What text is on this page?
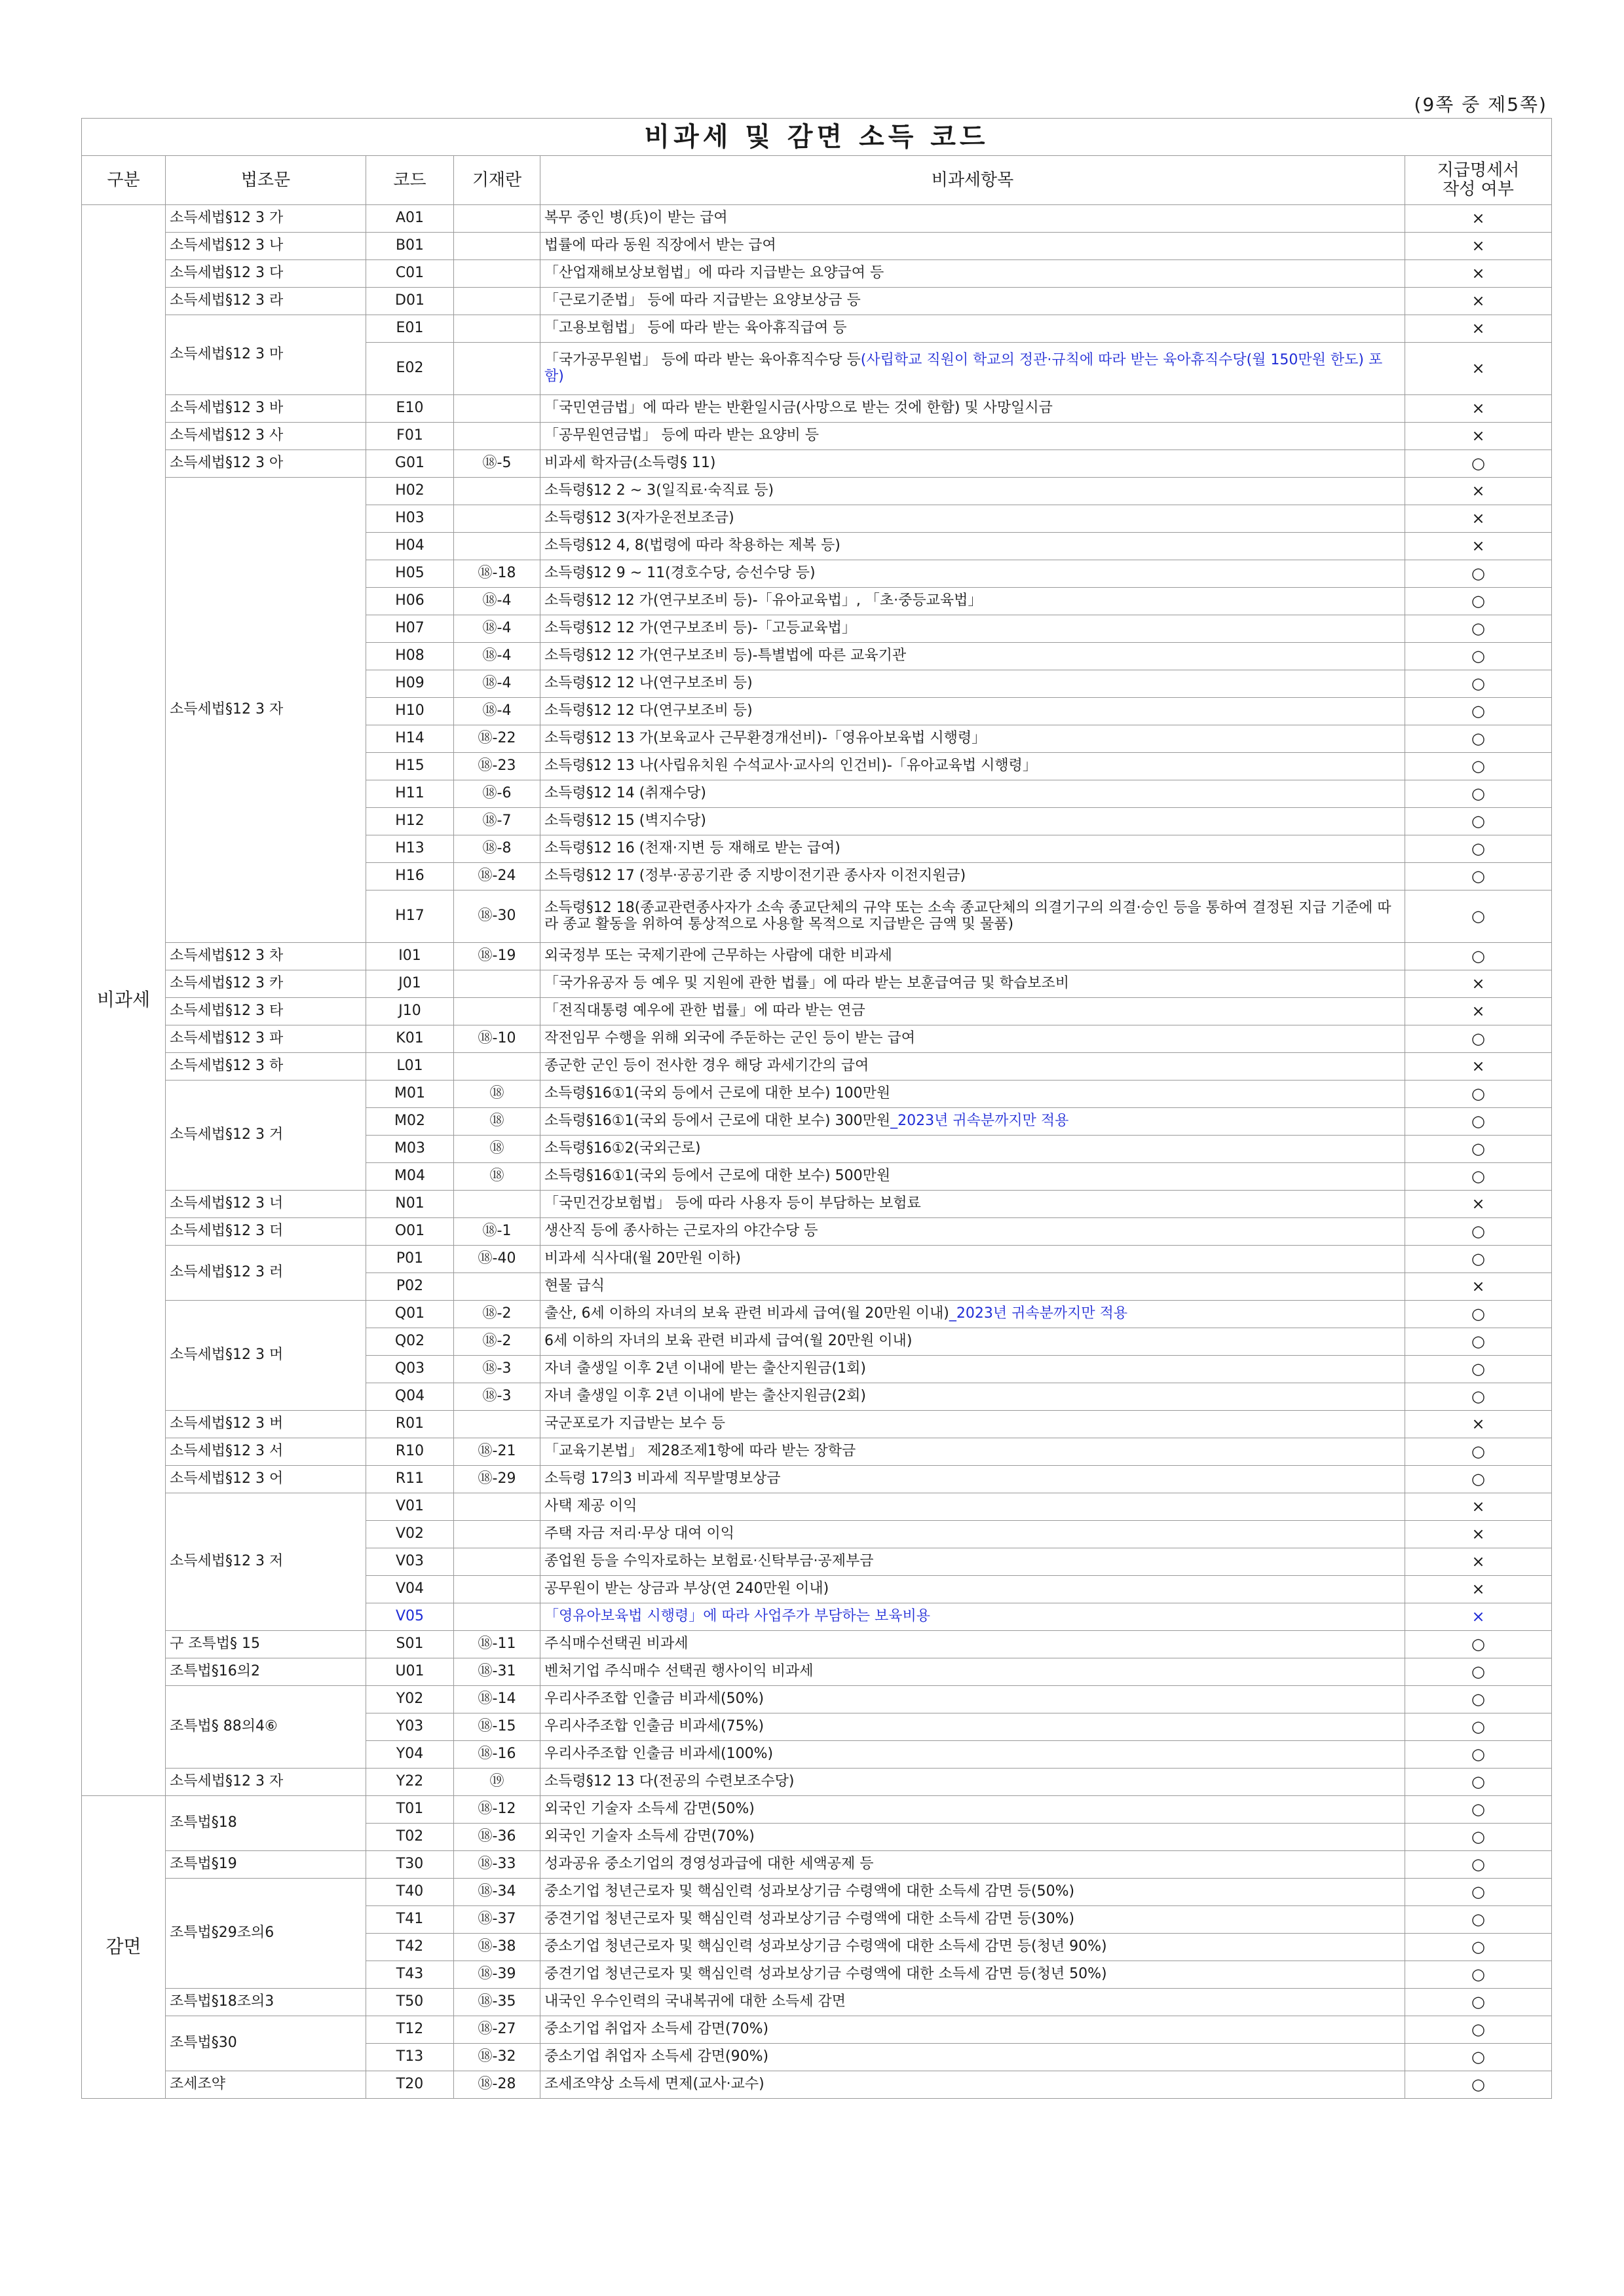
(9쪽 중 제5쪽)
비과세 및 감면 소득 코드					
구분	법조문	코드	기재란	비과세항목	지급명세서
작성 여부

비과세	소득세법§12 3 가	A01		복무 중인 병(兵)이 받는 급여	×
	소득세법§12 3 나	B01		법률에 따라 동원 직장에서 받는 급여	×
	소득세법§12 3 다	C01		「산업재해보상보험법」에 따라 지급받는 요양급여 등	×
	소득세법§12 3 라	D01		「근로기준법」 등에 따라 지급받는 요양보상금 등	×
	소득세법§12 3 마	E01		「고용보험법」 등에 따라 받는 육아휴직급여 등	×
		E02		「국가공무원법」 등에 따라 받는 육아휴직수당 등(사립학교 직원이 학교의 정관·규칙에 따라 받는 육아휴직수당(월 150만원 한도) 포함)	×
	소득세법§12 3 바	E10		「국민연금법」에 따라 받는 반환일시금(사망으로 받는 것에 한함) 및 사망일시금	×
	소득세법§12 3 사	F01		「공무원연금법」 등에 따라 받는 요양비 등	×
	소득세법§12 3 아	G01	⑱-5	비과세 학자금(소득령§ 11)	○
	소득세법§12 3 자	H02		소득령§12 2 ~ 3(일직료·숙직료 등)	×
		H03		소득령§12 3(자가운전보조금)	×
		H04		소득령§12 4, 8(법령에 따라 착용하는 제복 등)	×
		H05	⑱-18	소득령§12 9 ~ 11(경호수당, 승선수당 등)	○
		H06	⑱-4	소득령§12 12 가(연구보조비 등)-「유아교육법」, 「초·중등교육법」	○
		H07	⑱-4	소득령§12 12 가(연구보조비 등)-「고등교육법」	○
		H08	⑱-4	소득령§12 12 가(연구보조비 등)-특별법에 따른 교육기관	○
		H09	⑱-4	소득령§12 12 나(연구보조비 등)	○
		H10	⑱-4	소득령§12 12 다(연구보조비 등)	○
		H14	⑱-22	소득령§12 13 가(보육교사 근무환경개선비)-「영유아보육법 시행령」	○
		H15	⑱-23	소득령§12 13 나(사립유치원 수석교사·교사의 인건비)-「유아교육법 시행령」	○
		H11	⑱-6	소득령§12 14 (취재수당)	○
		H12	⑱-7	소득령§12 15 (벽지수당)	○
		H13	⑱-8	소득령§12 16 (천재·지변 등 재해로 받는 급여)	○
		H16	⑱-24	소득령§12 17 (정부·공공기관 중 지방이전기관 종사자 이전지원금)	○
		H17	⑱-30	소득령§12 18(종교관련종사자가 소속 종교단체의 규약 또는 소속 종교단체의 의결기구의 의결·승인 등을 통하여 결정된 지급 기준에 따라 종교 활동을 위하여 통상적으로 사용할 목적으로 지급받은 금액 및 물품)	○
	소득세법§12 3 차	I01	⑱-19	외국정부 또는 국제기관에 근무하는 사람에 대한 비과세	○
	소득세법§12 3 카	J01		「국가유공자 등 예우 및 지원에 관한 법률」에 따라 받는 보훈급여금 및 학습보조비	×
	소득세법§12 3 타	J10		「전직대통령 예우에 관한 법률」에 따라 받는 연금	×
	소득세법§12 3 파	K01	⑱-10	작전임무 수행을 위해 외국에 주둔하는 군인 등이 받는 급여	○
	소득세법§12 3 하	L01		종군한 군인 등이 전사한 경우 해당 과세기간의 급여	×
	소득세법§12 3 거	M01	⑱	소득령§16①1(국외 등에서 근로에 대한 보수) 100만원	○
		M02	⑱	소득령§16①1(국외 등에서 근로에 대한 보수) 300만원_2023년 귀속분까지만 적용	○
		M03	⑱	소득령§16①2(국외근로)	○
		M04	⑱	소득령§16①1(국외 등에서 근로에 대한 보수) 500만원	○
	소득세법§12 3 너	N01		「국민건강보험법」 등에 따라 사용자 등이 부담하는 보험료	×
	소득세법§12 3 더	O01	⑱-1	생산직 등에 종사하는 근로자의 야간수당 등	○
	소득세법§12 3 러	P01	⑱-40	비과세 식사대(월 20만원 이하)	○
		P02		현물 급식	×
	소득세법§12 3 머	Q01	⑱-2	출산, 6세 이하의 자녀의 보육 관련 비과세 급여(월 20만원 이내)_2023년 귀속분까지만 적용	○
		Q02	⑱-2	6세 이하의 자녀의 보육 관련 비과세 급여(월 20만원 이내)	○
		Q03	⑱-3	자녀 출생일 이후 2년 이내에 받는 출산지원금(1회)	○
		Q04	⑱-3	자녀 출생일 이후 2년 이내에 받는 출산지원금(2회)	○
	소득세법§12 3 버	R01		국군포로가 지급받는 보수 등	×
	소득세법§12 3 서	R10	⑱-21	「교육기본법」 제28조제1항에 따라 받는 장학금	○
	소득세법§12 3 어	R11	⑱-29	소득령 17의3 비과세 직무발명보상금	○
	소득세법§12 3 저	V01		사택 제공 이익	×
		V02		주택 자금 저리·무상 대여 이익	×
		V03		종업원 등을 수익자로하는 보험료·신탁부금·공제부금	×
		V04		공무원이 받는 상금과 부상(연 240만원 이내)	×
		V05		「영유아보육법 시행령」에 따라 사업주가 부담하는 보육비용	×
	구 조특법§ 15	S01	⑱-11	주식매수선택권 비과세	○
	조특법§16의2	U01	⑱-31	벤처기업 주식매수 선택권 행사이익 비과세	○
	조특법§ 88의4⑥	Y02	⑱-14	우리사주조합 인출금 비과세(50%)	○
		Y03	⑱-15	우리사주조합 인출금 비과세(75%)	○
		Y04	⑱-16	우리사주조합 인출금 비과세(100%)	○
	소득세법§12 3 자	Y22	⑲	소득령§12 13 다(전공의 수련보조수당)	○
감면	조특법§18	T01	⑱-12	외국인 기술자 소득세 감면(50%)	○
		T02	⑱-36	외국인 기술자 소득세 감면(70%)	○
	조특법§19	T30	⑱-33	성과공유 중소기업의 경영성과급에 대한 세액공제 등	○
	조특법§29조의6	T40	⑱-34	중소기업 청년근로자 및 핵심인력 성과보상기금 수령액에 대한 소득세 감면 등(50%)	○
		T41	⑱-37	중견기업 청년근로자 및 핵심인력 성과보상기금 수령액에 대한 소득세 감면 등(30%)	○
		T42	⑱-38	중소기업 청년근로자 및 핵심인력 성과보상기금 수령액에 대한 소득세 감면 등(청년 90%)	○
		T43	⑱-39	중견기업 청년근로자 및 핵심인력 성과보상기금 수령액에 대한 소득세 감면 등(청년 50%)	○
	조특법§18조의3	T50	⑱-35	내국인 우수인력의 국내복귀에 대한 소득세 감면	○
	조특법§30	T12	⑱-27	중소기업 취업자 소득세 감면(70%)	○
		T13	⑱-32	중소기업 취업자 소득세 감면(90%)	○
	조세조약	T20	⑱-28	조세조약상 소득세 면제(교사·교수)	○
